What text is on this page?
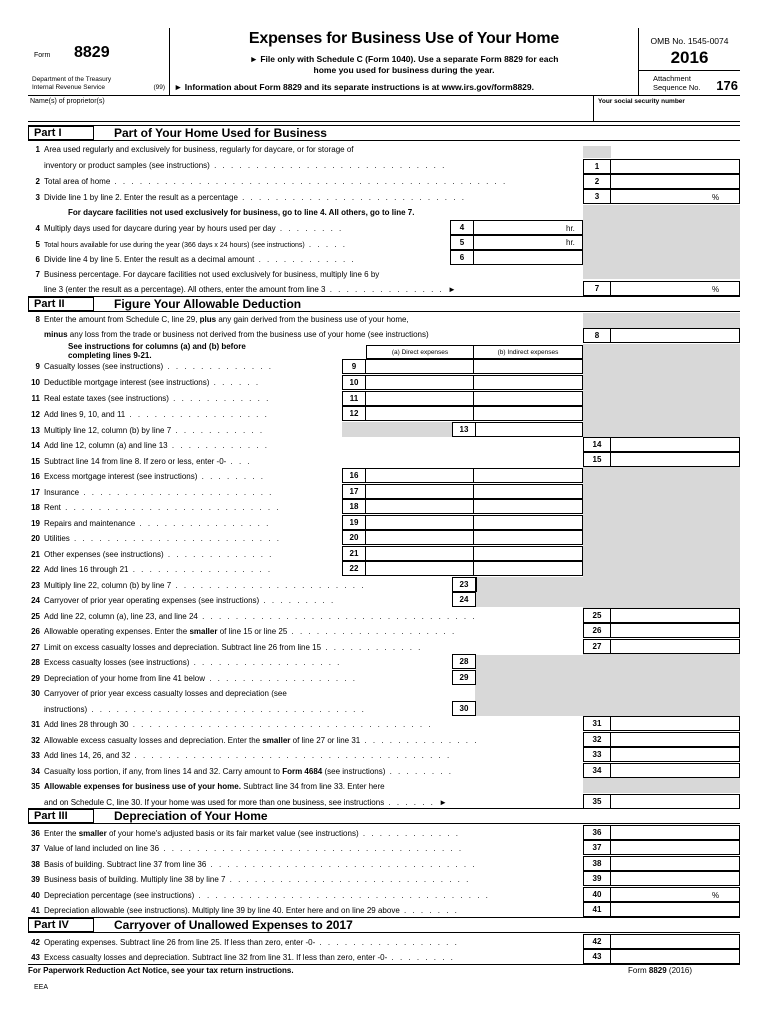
Form 8829
Department of the Treasury
Internal Revenue Service	(99)
Expenses for Business Use of Your Home
► File only with Schedule C (Form 1040). Use a separate Form 8829 for each
home you used for business during the year.
► Information about Form 8829 and its separate instructions is at www.irs.gov/form8829.
OMB No. 1545-0074
2016
Attachment
Sequence No. 176
Name(s) of proprietor(s)	Your social security number
Part I	Part of Your Home Used for Business
1 Area used regularly and exclusively for business, regularly for daycare, or for storage of
inventory or product samples (see instructions) . . . . . . . . . . . . . . . . . . . . . . . . . . . .	1
2 Total area of home . . . . . . . . . . . . . . . . . . . . . . . . . . . . . . . . . . . . . . . . . . . . . . .	2
3 Divide line 1 by line 2. Enter the result as a percentage . . . . . . . . . . . . . . . . . . . . . . . . . . .	3	%
For daycare facilities not used exclusively for business, go to line 4. All others, go to line 7.
4 Multiply days used for daycare during year by hours used per day . . . . . . . .	4	hr.
5 Total hours available for use during the year (366 days x 24 hours) (see instructions) . . . . .	5	hr.
6 Divide line 4 by line 5. Enter the result as a decimal amount . . . . . . . . . . . .	6
7 Business percentage. For daycare facilities not used exclusively for business, multiply line 6 by
line 3 (enter the result as a percentage). All others, enter the amount from line 3 . . . . . . . . . . . . . . ►	7	%
Part II	Figure Your Allowable Deduction
8 Enter the amount from Schedule C, line 29, plus any gain derived from the business use of your home,
minus any loss from the trade or business not derived from the business use of your home (see instructions)	8
See instructions for columns (a) and (b) before
completing lines 9-21.	(a) Direct expenses	(b) Indirect expenses
9 Casualty losses (see instructions) . . . . . . . . . . . . .	9
10 Deductible mortgage interest (see instructions) . . . . . .	10
11 Real estate taxes (see instructions) . . . . . . . . . . . .	11
12 Add lines 9, 10, and 11 . . . . . . . . . . . . . . . . .	12
13 Multiply line 12, column (b) by line 7 . . . . . . . . . . .	13
14 Add line 12, column (a) and line 13 . . . . . . . . . . . .	14
15 Subtract line 14 from line 8. If zero or less, enter -0- . . .	15
16 Excess mortgage interest (see instructions) . . . . . . . .	16
17 Insurance . . . . . . . . . . . . . . . . . . . . . . .	17
18 Rent . . . . . . . . . . . . . . . . . . . . . . . . . .	18
19 Repairs and maintenance . . . . . . . . . . . . . . . .	19
20 Utilities . . . . . . . . . . . . . . . . . . . . . . . . .	20
21 Other expenses (see instructions) . . . . . . . . . . . . .	21
22 Add lines 16 through 21 . . . . . . . . . . . . . . . . .	22
23 Multiply line 22, column (b) by line 7 . . . . . . . . . . . . . . . . . . . . . . .	23
24 Carryover of prior year operating expenses (see instructions) . . . . . . . . .	24
25 Add line 22, column (a), line 23, and line 24 . . . . . . . . . . . . . . . . . . . . . . . . . . . . . . . . .	25
26 Allowable operating expenses. Enter the smaller of line 15 or line 25 . . . . . . . . . . . . . . . . . . . .	26
27 Limit on excess casualty losses and depreciation. Subtract line 26 from line 15 . . . . . . . . . . . .	27
28 Excess casualty losses (see instructions) . . . . . . . . . . . . . . . . . .	28
29 Depreciation of your home from line 41 below . . . . . . . . . . . . . . . . . .	29
30 Carryover of prior year excess casualty losses and depreciation (see
instructions) . . . . . . . . . . . . . . . . . . . . . . . . . . . . . . . . .	30
31 Add lines 28 through 30 . . . . . . . . . . . . . . . . . . . . . . . . . . . . . . . . . . . .	31
32 Allowable excess casualty losses and depreciation. Enter the smaller of line 27 or line 31 . . . . . . . . . . . . . .	32
33 Add lines 14, 26, and 32 . . . . . . . . . . . . . . . . . . . . . . . . . . . . . . . . . . . . . .	33
34 Casualty loss portion, if any, from lines 14 and 32. Carry amount to Form 4684 (see instructions) . . . . . . . .	34
35 Allowable expenses for business use of your home. Subtract line 34 from line 33. Enter here
and on Schedule C, line 30. If your home was used for more than one business, see instructions . . . . . . ►	35
Part III	Depreciation of Your Home
36 Enter the smaller of your home's adjusted basis or its fair market value (see instructions) . . . . . . . . . . . .	36
37 Value of land included on line 36 . . . . . . . . . . . . . . . . . . . . . . . . . . . . . . . . . . . .	37
38 Basis of building. Subtract line 37 from line 36 . . . . . . . . . . . . . . . . . . . . . . . . . . . . . . . .	38
39 Business basis of building. Multiply line 38 by line 7 . . . . . . . . . . . . . . . . . . . . . . . . . . . . .	39
40 Depreciation percentage (see instructions) . . . . . . . . . . . . . . . . . . . . . . . . . . . . . . . . . . .	40	%
41 Depreciation allowable (see instructions). Multiply line 39 by line 40. Enter here and on line 29 above . . . . . . .	41
Part IV	Carryover of Unallowed Expenses to 2017
42 Operating expenses. Subtract line 26 from line 25. If less than zero, enter -0- . . . . . . . . . . . . . . . . .	42
43 Excess casualty losses and depreciation. Subtract line 32 from line 31. If less than zero, enter -0- . . . . . . . .	43
For Paperwork Reduction Act Notice, see your tax return instructions.	Form 8829 (2016)
EEA
